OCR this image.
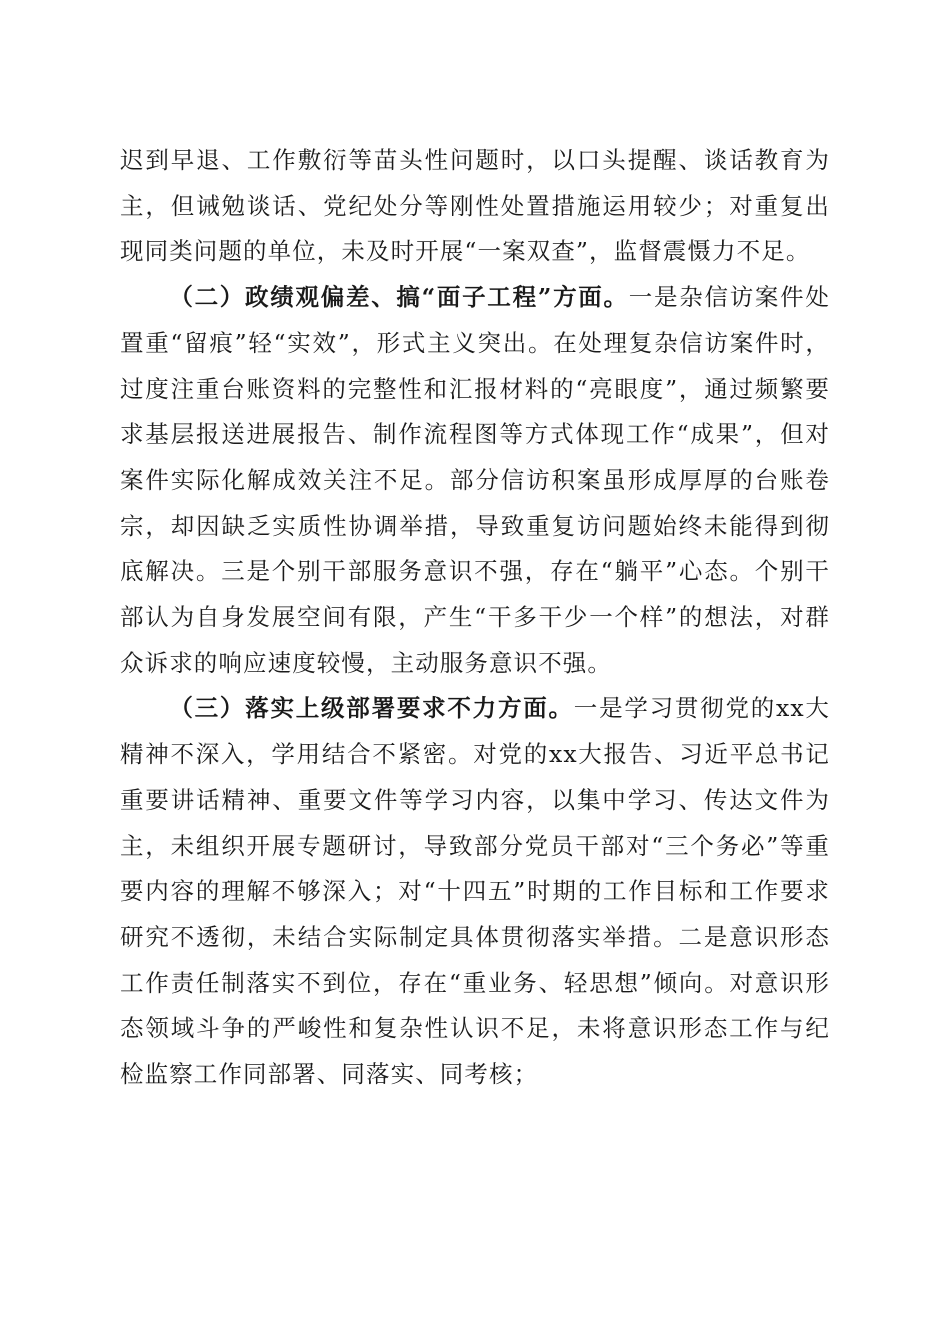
迟到早退、工作敷衍等苗头性问题时，以口头提醒、谈话教育为主，但诫勉谈话、党纪处分等刚性处置措施运用较少；对重复出现同类问题的单位，未及时开展“一案双查”，监督震慑力不足。

（二）政绩观偏差、搞“面子工程”方面。一是杂信访案件处置重“留痕”轻“实效”，形式主义突出。在处理复杂信访案件时，过度注重台账资料的完整性和汇报材料的“亮眼度”，通过频繁要求基层报送进展报告、制作流程图等方式体现工作“成果”，但对案件实际化解成效关注不足。部分信访积案虽形成厚厚的台账卷宗，却因缺乏实质性协调举措，导致重复访问题始终未能得到彻底解决。三是个别干部服务意识不强，存在“躺平”心态。个别干部认为自身发展空间有限，产生“干多干少一个样”的想法，对群众诉求的响应速度较慢，主动服务意识不强。

（三）落实上级部署要求不力方面。一是学习贯彻党的xx大精神不深入，学用结合不紧密。对党的xx大报告、习近平总书记重要讲话精神、重要文件等学习内容，以集中学习、传达文件为主，未组织开展专题研讨，导致部分党员干部对“三个务必”等重要内容的理解不够深入；对“十四五”时期的工作目标和工作要求研究不透彻，未结合实际制定具体贯彻落实举措。二是意识形态工作责任制落实不到位，存在“重业务、轻思想”倾向。对意识形态领域斗争的严峻性和复杂性认识不足，未将意识形态工作与纪检监察工作同部署、同落实、同考核；
